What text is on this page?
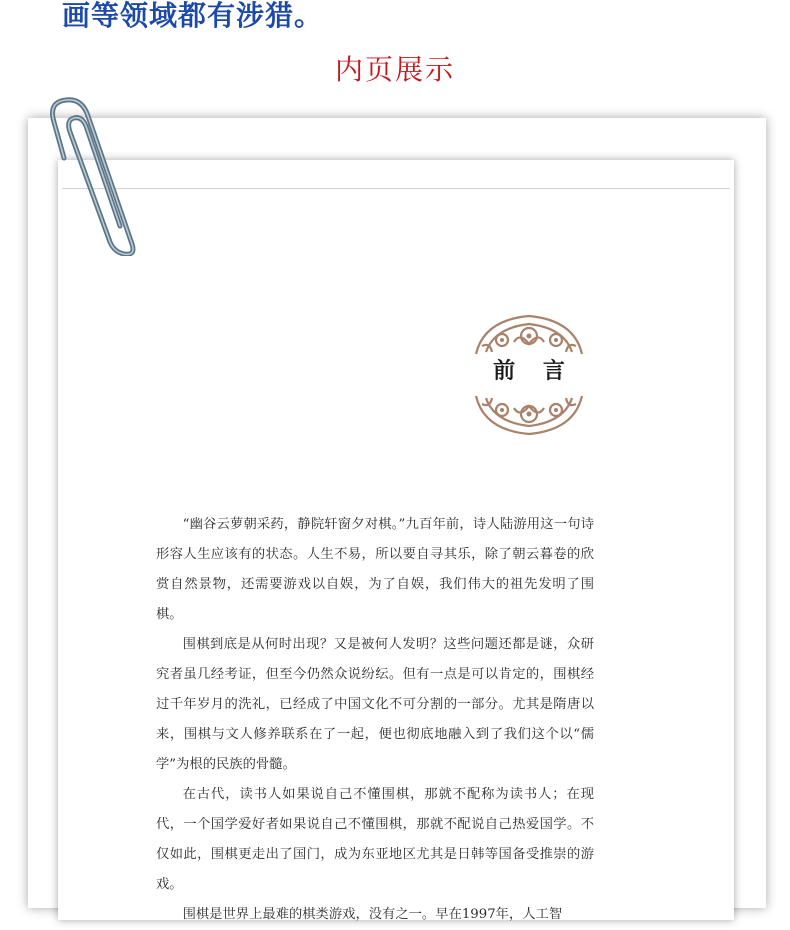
画等领域都有涉猎。
内页展示
前 言

“幽谷云萝朝采药，静院轩窗夕对棋。”九百年前，诗人陆游用这一句诗形容人生应该有的状态。人生不易，所以要自寻其乐，除了朝云暮卷的欣赏自然景物，还需要游戏以自娱，为了自娱，我们伟大的祖先发明了围棋。

围棋到底是从何时出现？又是被何人发明？这些问题还都是谜，众研究者虽几经考证，但至今仍然众说纷纭。但有一点是可以肯定的，围棋经过千年岁月的洗礼，已经成了中国文化不可分割的一部分。尤其是隋唐以来，围棋与文人修养联系在了一起，便也彻底地融入到了我们这个以“儒学”为根的民族的骨髓。

在古代，读书人如果说自己不懂围棋，那就不配称为读书人；在现代，一个国学爱好者如果说自己不懂围棋，那就不配说自己热爱国学。不仅如此，围棋更走出了国门，成为东亚地区尤其是日韩等国备受推崇的游戏。

围棋是世界上最难的棋类游戏，没有之一。早在1997年，人工智
